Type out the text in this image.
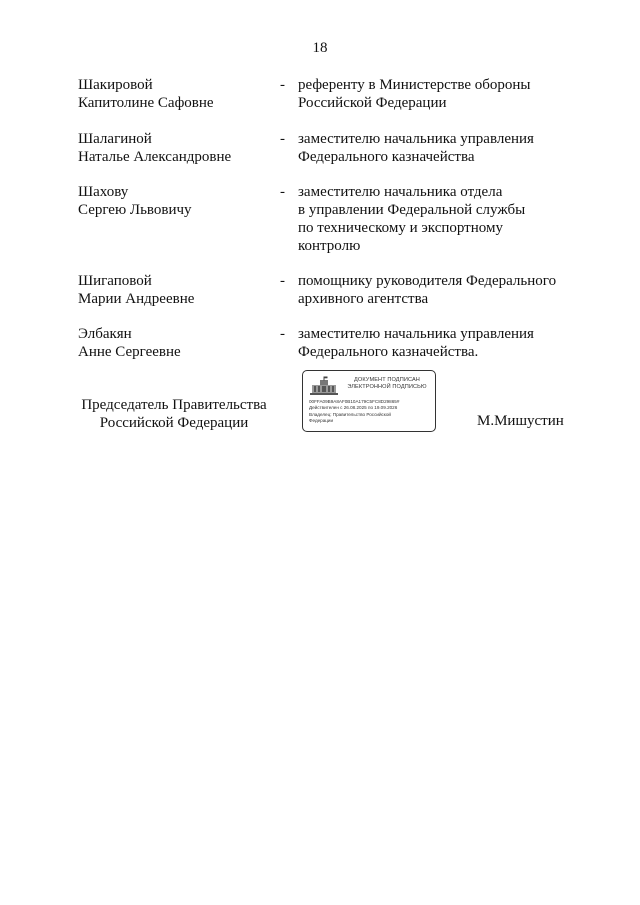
18
Шакировой
Капитолине Сафовне
- референту в Министерстве обороны
Российской Федерации
Шалагиной
Наталье Александровне
- заместителю начальника управления
Федерального казначейства
Шахову
Сергею Львовичу
- заместителю начальника отдела
в управлении Федеральной службы
по техническому и экспортному
контролю
Шигаповой
Марии Андреевне
- помощнику руководителя Федерального
архивного агентства
Элбакян
Анне Сергеевне
- заместителю начальника управления
Федерального казначейства.
Председатель Правительства
Российской Федерации
ДОКУМЕНТ ПОДПИСАН
ЭЛЕКТРОННОЙ ПОДПИСЬЮ
00FFA09B9A8AF0B10A179C5FC8D29865#
Действителен с 26.08.2025 по 19.09.2026
Владелец: Правительство Российской
Федерации	М.Мишустин
